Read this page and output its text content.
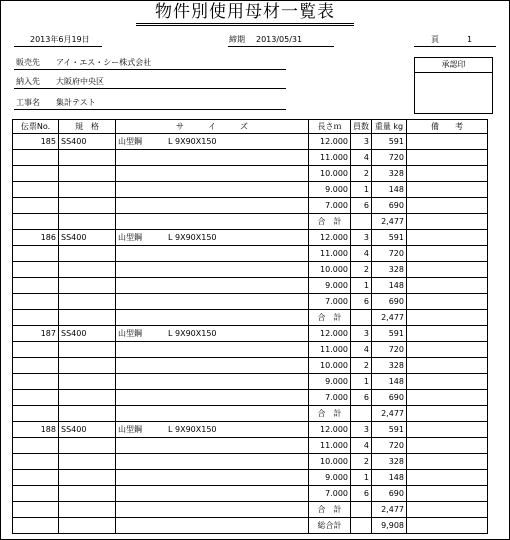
物件別使用母材一覧表
2013年6月19日	締期 2013/05/31	頁	1
販売先 アイ・エス・シー株式会社
納入先 大阪府中央区
工事名 集計テスト
承認印
伝票No.	規　格	サ　　　イ　　　ズ	長さｍ	員数	重量 kg	備　　考
185	SS400	山型鋼 L 9X90X150	12.000	3	591	
			11.000	4	720	
			10.000	2	328	
			9.000	1	148	
			7.000	6	690	
			合　計		2,477	
186	SS400	山型鋼 L 9X90X150	12.000	3	591	
			11.000	4	720	
			10.000	2	328	
			9.000	1	148	
			7.000	6	690	
			合　計		2,477	
187	SS400	山型鋼 L 9X90X150	12.000	3	591	
			11.000	4	720	
			10.000	2	328	
			9.000	1	148	
			7.000	6	690	
			合　計		2,477	
188	SS400	山型鋼 L 9X90X150	12.000	3	591	
			11.000	4	720	
			10.000	2	328	
			9.000	1	148	
			7.000	6	690	
			合　計		2,477	
			総合計		9,908	
